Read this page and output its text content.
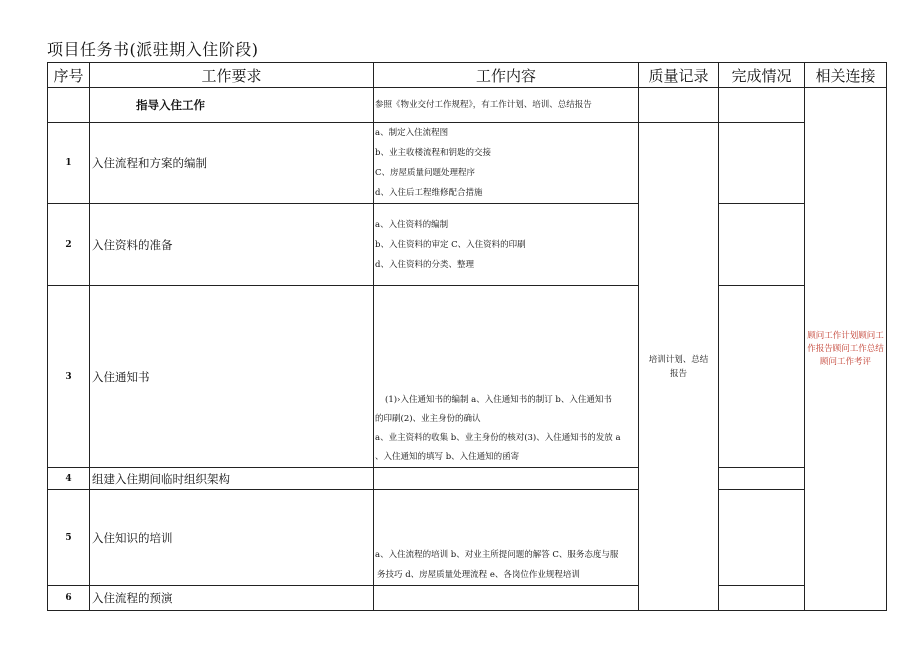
项目任务书(派驻期入住阶段)
序号	工作要求	工作内容	质量记录	完成情况	相关连接
	指导入住工作	参照《物业交付工作规程》，有工作计划、培训、总结报告			顾问工作计划顾问工作报告顾问工作总结顾问工作考评
1	入住流程和方案的编制	a、制定入住流程图
b、业主收楼流程和钥匙的交接
C、房屋质量问题处理程序
d、入住后工程维修配合措施	培训计划、总结报告		
2	入住资料的准备	a、入住资料的编制
b、入住资料的审定 C、入住资料的印刷
d、入住资料的分类、整理			

3	入住通知书	(1)›入住通知书的编制 a、入住通知书的制订 b、入住通知书
的印刷(2)、业主身份的确认
a、业主资料的收集 b、业主身份的核对(3)、入住通知书的发放 a
、入住通知的填写 b、入住通知的函寄			

4	组建入住期间临时组织架构				
5	入住知识的培训	a、入住流程的培训 b、对业主所提问题的解答 C、服务态度与服
务技巧 d、房屋质量处理流程 e、各岗位作业规程培训			

6	入住流程的预演				
